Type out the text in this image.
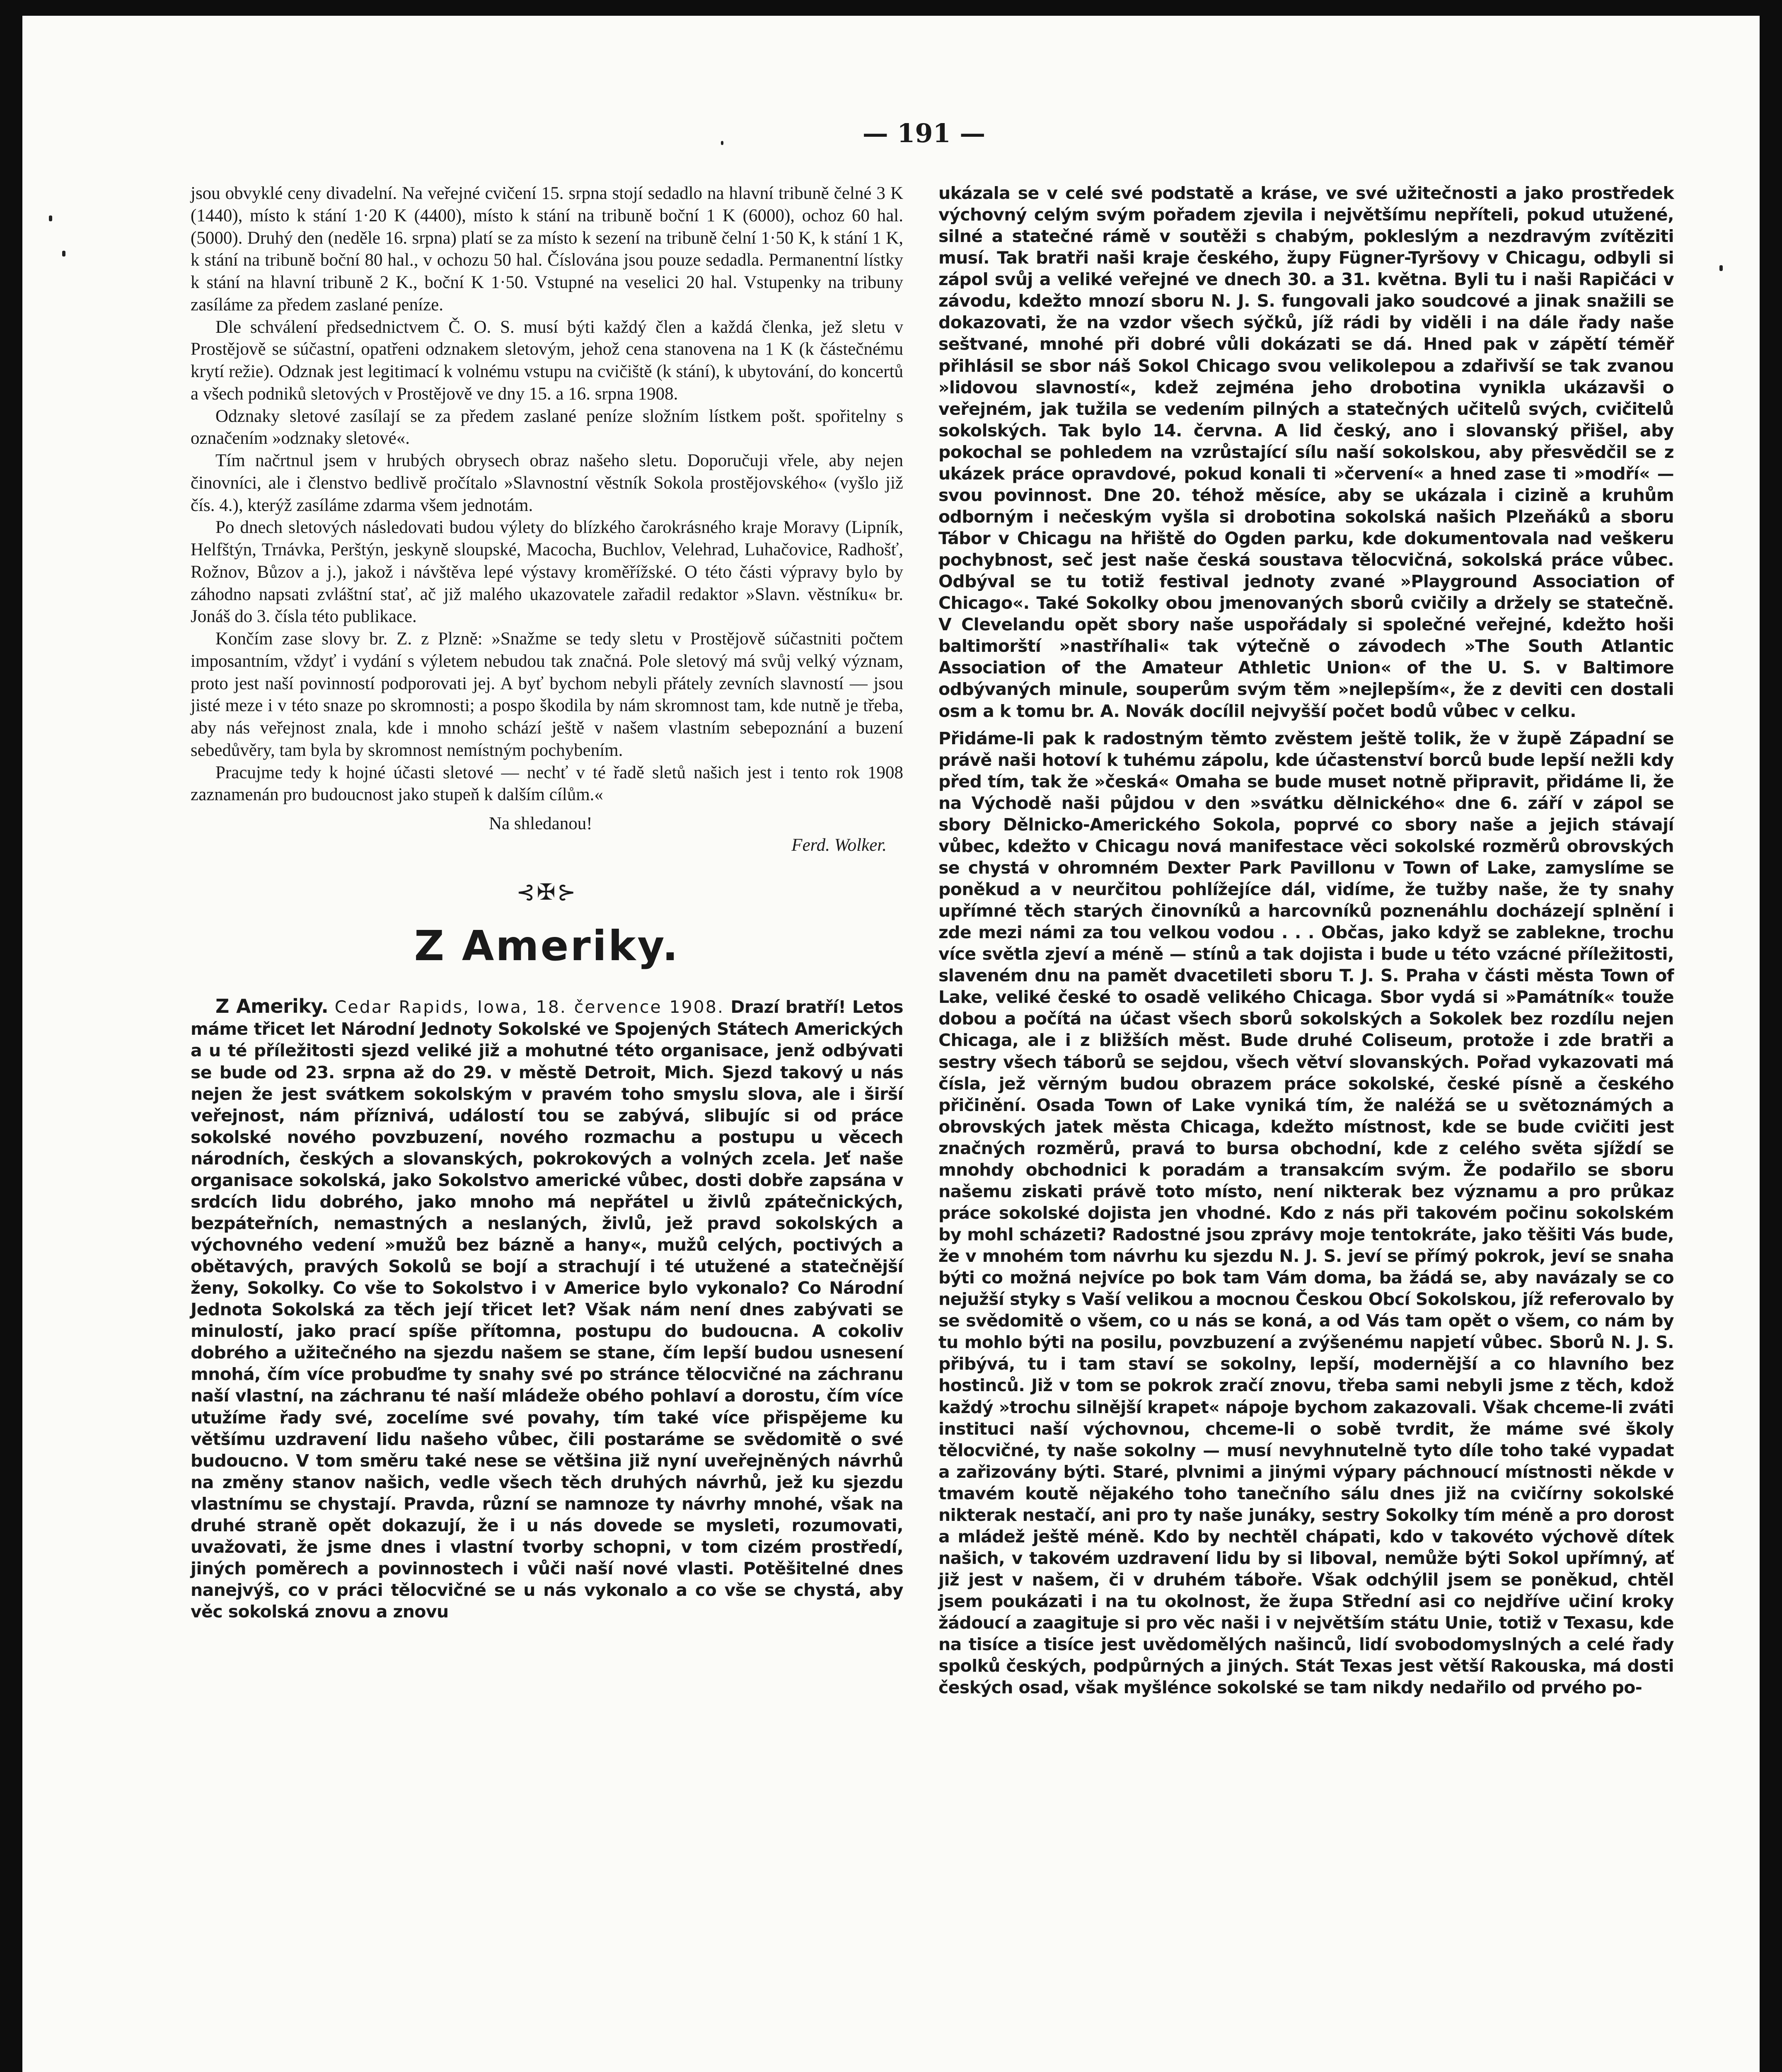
— 191 —

jsou obvyklé ceny divadelní. Na veřejné cvičení 15. srpna stojí sedadlo na hlavní tribuně čelné 3 K (1440), místo k stání 1·20 K (4400), místo k stání na tribuně boční 1 K (6000), ochoz 60 hal. (5000). Druhý den (neděle 16. srpna) platí se za místo k sezení na tribuně čelní 1·50 K, k stání 1 K, k stání na tribuně boční 80 hal., v ochozu 50 hal. Číslována jsou pouze sedadla. Permanentní lístky k stání na hlavní tribuně 2 K., boční K 1·50. Vstupné na veselici 20 hal. Vstupenky na tribuny zasíláme za předem zaslané peníze.

Dle schválení předsednictvem Č. O. S. musí býti každý člen a každá členka, jež sletu v Prostějově se súčastní, opatřeni odznakem sletovým, jehož cena stanovena na 1 K (k částečnému krytí režie). Odznak jest legitimací k volnému vstupu na cvičiště (k stání), k ubytování, do koncertů a všech podniků sletových v Prostějově ve dny 15. a 16. srpna 1908.

Odznaky sletové zasílají se za předem zaslané peníze složním lístkem pošt. spořitelny s označením »odznaky sletové«.

Tím načrtnul jsem v hrubých obrysech obraz našeho sletu. Doporučuji vřele, aby nejen činovníci, ale i členstvo bedlivě pročítalo »Slavnostní věstník Sokola prostějovského« (vyšlo již čís. 4.), kterýž zasíláme zdarma všem jednotám.

Po dnech sletových následovati budou výlety do blízkého čarokrásného kraje Moravy (Lipník, Helfštýn, Trnávka, Perštýn, jeskyně sloupské, Macocha, Buchlov, Velehrad, Luhačovice, Radhošť, Rožnov, Bůzov a j.), jakož i návštěva lepé výstavy kroměřížské. O této části výpravy bylo by záhodno napsati zvláštní stať, ač již malého ukazovatele zařadil redaktor »Slavn. věstníku« br. Jonáš do 3. čísla této publikace.

Končím zase slovy br. Z. z Plzně: »Snažme se tedy sletu v Prostějově súčastniti počtem imposantním, vždyť i vydání s výletem nebudou tak značná. Pole sletový má svůj velký význam, proto jest naší povinností podporovati jej. A byť bychom nebyli přátely zevních slavností — jsou jisté meze i v této snaze po skromnosti; a pospo škodila by nám skromnost tam, kde nutně je třeba, aby nás veřejnost znala, kde i mnoho schází ještě v našem vlastním sebepoznání a buzení sebedůvěry, tam byla by skromnost nemístným pochybením.

Pracujme tedy k hojné účasti sletové — nechť v té řadě sletů našich jest i tento rok 1908 zaznamenán pro budoucnost jako stupeň k dalším cílům.«

Na shledanou!
Ferd. Wolker.
⊰✠⊱
Z Ameriky.

Z Ameriky. Cedar Rapids, Iowa, 18. července 1908. Drazí bratří! Letos máme třicet let Národní Jednoty Sokolské ve Spojených Státech Amerických a u té příležitosti sjezd veliké již a mohutné této organisace, jenž odbývati se bude od 23. srpna až do 29. v městě Detroit, Mich. Sjezd takový u nás nejen že jest svátkem sokolským v pravém toho smyslu slova, ale i širší veřejnost, nám příznivá, událostí tou se zabývá, slibujíc si od práce sokolské nového povzbuzení, nového rozmachu a postupu u věcech národních, českých a slovanských, pokrokových a volných zcela. Jeť naše organisace sokolská, jako Sokolstvo americké vůbec, dosti dobře zapsána v srdcích lidu dobrého, jako mnoho má nepřátel u živlů zpátečnických, bezpáteřních, nemastných a neslaných, živlů, jež pravd sokolských a výchovného vedení »mužů bez bázně a hany«, mužů celých, poctivých a obětavých, pravých Sokolů se bojí a strachují i té utužené a statečnější ženy, Sokolky. Co vše to Sokolstvo i v Americe bylo vykonalo? Co Národní Jednota Sokolská za těch její třicet let? Však nám není dnes zabývati se minulostí, jako prací spíše přítomna, postupu do budoucna. A cokoliv dobrého a užitečného na sjezdu našem se stane, čím lepší budou usnesení mnohá, čím více probuďme ty snahy své po stránce tělocvičné na záchranu naší vlastní, na záchranu té naší mládeže obého pohlaví a dorostu, čím více utužíme řady své, zocelíme své povahy, tím také více přispějeme ku většímu uzdravení lidu našeho vůbec, čili postaráme se svědomitě o své budoucno. V tom směru také nese se většina již nyní uveřejněných návrhů na změny stanov našich, vedle všech těch druhých návrhů, jež ku sjezdu vlastnímu se chystají. Pravda, různí se namnoze ty návrhy mnohé, však na druhé straně opět dokazují, že i u nás dovede se mysleti, rozumovati, uvažovati, že jsme dnes i vlastní tvorby schopni, v tom cizém prostředí, jiných poměrech a povinnostech i vůči naší nové vlasti. Potěšitelné dnes nanejvýš, co v práci tělocvičné se u nás vykonalo a co vše se chystá, aby věc sokolská znovu a znovu

ukázala se v celé své podstatě a kráse, ve své užitečnosti a jako prostředek výchovný celým svým pořadem zjevila i největšímu nepříteli, pokud utužené, silné a statečné rámě v soutěži s chabým, pokleslým a nezdravým zvítěziti musí. Tak bratři naši kraje českého, župy Fügner-Tyršovy v Chicagu, odbyli si zápol svůj a veliké veřejné ve dnech 30. a 31. května. Byli tu i naši Rapičáci v závodu, kdežto mnozí sboru N. J. S. fungovali jako soudcové a jinak snažili se dokazovati, že na vzdor všech sýčků, jíž rádi by viděli i na dále řady naše seštvané, mnohé při dobré vůli dokázati se dá. Hned pak v zápětí téměř přihlásil se sbor náš Sokol Chicago svou velikolepou a zdařivší se tak zvanou »lidovou slavností«, kdež zejména jeho drobotina vynikla ukázavši o veřejném, jak tužila se vedením pilných a statečných učitelů svých, cvičitelů sokolských. Tak bylo 14. června. A lid český, ano i slovanský přišel, aby pokochal se pohledem na vzrůstající sílu naší sokolskou, aby přesvědčil se z ukázek práce opravdové, pokud konali ti »červení« a hned zase ti »modří« — svou povinnost. Dne 20. téhož měsíce, aby se ukázala i cizině a kruhům odborným i nečeským vyšla si drobotina sokolská našich Plzeňáků a sboru Tábor v Chicagu na hřiště do Ogden parku, kde dokumentovala nad veškeru pochybnost, seč jest naše česká soustava tělocvičná, sokolská práce vůbec. Odbýval se tu totiž festival jednoty zvané »Playground Association of Chicago«. Také Sokolky obou jmenovaných sborů cvičily a držely se statečně. V Clevelandu opět sbory naše uspořádaly si společné veřejné, kdežto hoši baltimorští »nastříhali« tak výtečně o závodech »The South Atlantic Association of the Amateur Athletic Union« of the U. S. v Baltimore odbývaných minule, souperům svým těm »nejlepším«, že z deviti cen dostali osm a k tomu br. A. Novák docílil nejvyšší počet bodů vůbec v celku.

Přidáme-li pak k radostným těmto zvěstem ještě tolik, že v župě Západní se právě naši hotoví k tuhému zápolu, kde účastenství borců bude lepší nežli kdy před tím, tak že »česká« Omaha se bude muset notně připravit, přidáme li, že na Východě naši půjdou v den »svátku dělnického« dne 6. září v zápol se sbory Dělnicko-Amerického Sokola, poprvé co sbory naše a jejich stávají vůbec, kdežto v Chicagu nová manifestace věci sokolské rozměrů obrovských se chystá v ohromném Dexter Park Pavillonu v Town of Lake, zamyslíme se poněkud a v neurčitou pohlížejíce dál, vidíme, že tužby naše, že ty snahy upřímné těch starých činovníků a harcovníků poznenáhlu docházejí splnění i zde mezi námi za tou velkou vodou . . . Občas, jako když se zablekne, trochu více světla zjeví a méně — stínů a tak dojista i bude u této vzácné příležitosti, slaveném dnu na pamět dvacetileti sboru T. J. S. Praha v části města Town of Lake, veliké české to osadě velikého Chicaga. Sbor vydá si »Památník« touže dobou a počítá na účast všech sborů sokolských a Sokolek bez rozdílu nejen Chicaga, ale i z bližších měst. Bude druhé Coliseum, protože i zde bratři a sestry všech táborů se sejdou, všech větví slovanských. Pořad vykazovati má čísla, jež věrným budou obrazem práce sokolské, české písně a českého přičinění. Osada Town of Lake vyniká tím, že naléžá se u světoznámých a obrovských jatek města Chicaga, kdežto místnost, kde se bude cvičiti jest značných rozměrů, pravá to bursa obchodní, kde z celého světa sjíždí se mnohdy obchodnici k poradám a transakcím svým. Že podařilo se sboru našemu ziskati právě toto místo, není nikterak bez významu a pro průkaz práce sokolské dojista jen vhodné. Kdo z nás při takovém počinu sokolském by mohl scházeti? Radostné jsou zprávy moje tentokráte, jako těšiti Vás bude, že v mnohém tom návrhu ku sjezdu N. J. S. jeví se přímý pokrok, jeví se snaha býti co možná nejvíce po bok tam Vám doma, ba žádá se, aby navázaly se co nejužší styky s Vaší velikou a mocnou Českou Obcí Sokolskou, jíž referovalo by se svědomitě o všem, co u nás se koná, a od Vás tam opět o všem, co nám by tu mohlo býti na posilu, povzbuzení a zvýšenému napjetí vůbec. Sborů N. J. S. přibývá, tu i tam staví se sokolny, lepší, modernější a co hlavního bez hostinců. Již v tom se pokrok zračí znovu, třeba sami nebyli jsme z těch, kdož každý »trochu silnější krapet« nápoje bychom zakazovali. Však chceme-li zváti instituci naší výchovnou, chceme-li o sobě tvrdit, že máme své školy tělocvičné, ty naše sokolny — musí nevyhnutelně tyto díle toho také vypadat a zařizovány býti. Staré, plvnimi a jinými výpary páchnoucí místnosti někde v tmavém koutě nějakého toho tanečního sálu dnes již na cvičírny sokolské nikterak nestačí, ani pro ty naše junáky, sestry Sokolky tím méně a pro dorost a mládež ještě méně. Kdo by nechtěl chápati, kdo v takovéto výchově dítek našich, v takovém uzdravení lidu by si liboval, nemůže býti Sokol upřímný, ať již jest v našem, či v druhém táboře. Však odchýlil jsem se poněkud, chtěl jsem poukázati i na tu okolnost, že župa Střední asi co nejdříve učiní kroky žádoucí a zaagituje si pro věc naši i v největším státu Unie, totiž v Texasu, kde na tisíce a tisíce jest uvědomělých našinců, lidí svobodomyslných a celé řady spolků českých, podpůrných a jiných. Stát Texas jest větší Rakouska, má dosti českých osad, však myšlénce sokolské se tam nikdy nedařilo od prvého po-
